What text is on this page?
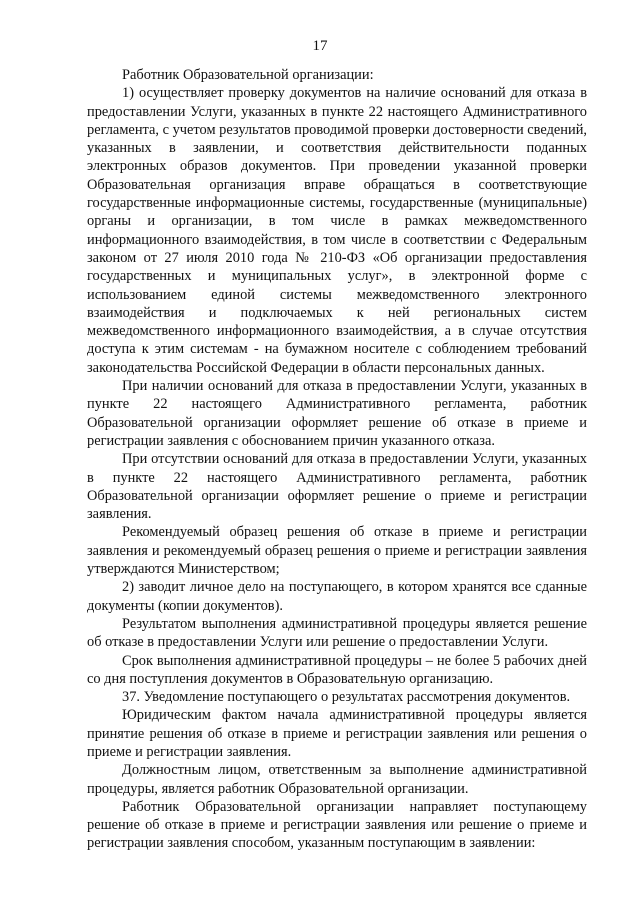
17

Работник Образовательной организации:

1) осуществляет проверку документов на наличие оснований для отказа в предоставлении Услуги, указанных в пункте 22 настоящего Административного регламента, с учетом результатов проводимой проверки достоверности сведений, указанных в заявлении, и соответствия действительности поданных электронных образов документов. При проведении указанной проверки Образовательная организация вправе обращаться в соответствующие государственные информационные системы, государственные (муниципальные) органы и организации, в том числе в рамках межведомственного информационного взаимодействия, в том числе в соответствии с Федеральным законом от 27 июля 2010 года № 210-ФЗ «Об организации предоставления государственных и муниципальных услуг», в электронной форме с использованием единой системы межведомственного электронного взаимодействия и подключаемых к ней региональных систем межведомственного информационного взаимодействия, а в случае отсутствия доступа к этим системам - на бумажном носителе с соблюдением требований законодательства Российской Федерации в области персональных данных.

При наличии оснований для отказа в предоставлении Услуги, указанных в пункте 22 настоящего Административного регламента, работник Образовательной организации оформляет решение об отказе в приеме и регистрации заявления с обоснованием причин указанного отказа.

При отсутствии оснований для отказа в предоставлении Услуги, указанных в пункте 22 настоящего Административного регламента, работник Образовательной организации оформляет решение о приеме и регистрации заявления.

Рекомендуемый образец решения об отказе в приеме и регистрации заявления и рекомендуемый образец решения о приеме и регистрации заявления утверждаются Министерством;

2) заводит личное дело на поступающего, в котором хранятся все сданные документы (копии документов).

Результатом выполнения административной процедуры является решение об отказе в предоставлении Услуги или решение о предоставлении Услуги.

Срок выполнения административной процедуры – не более 5 рабочих дней со дня поступления документов в Образовательную организацию.

37. Уведомление поступающего о результатах рассмотрения документов.

Юридическим фактом начала административной процедуры является принятие решения об отказе в приеме и регистрации заявления или решения о приеме и регистрации заявления.

Должностным лицом, ответственным за выполнение административной процедуры, является работник Образовательной организации.

Работник Образовательной организации направляет поступающему решение об отказе в приеме и регистрации заявления или решение о приеме и регистрации заявления способом, указанным поступающим в заявлении:
